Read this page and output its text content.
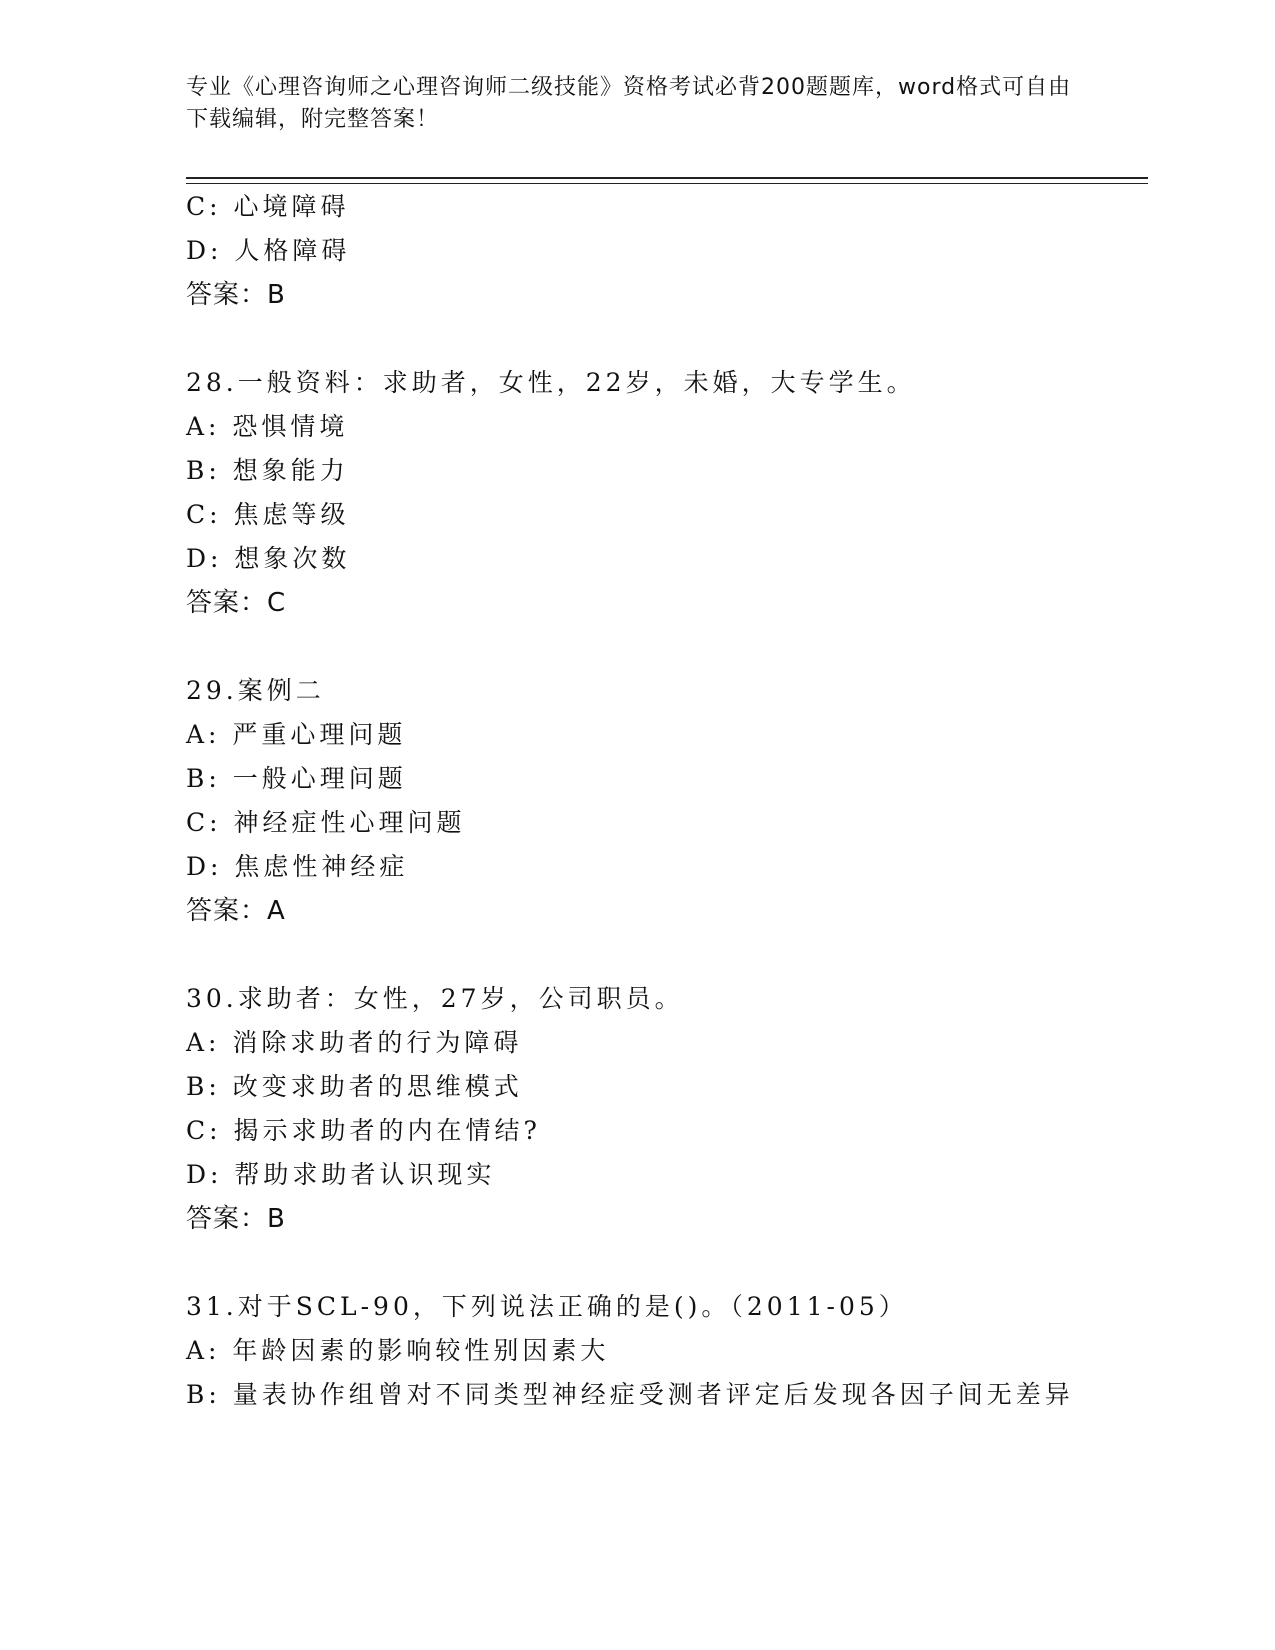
专业《心理咨询师之心理咨询师二级技能》资格考试必背200题题库，word格式可自由下载编辑，附完整答案！
C: 心境障碍
D: 人格障碍
答案：B
28.一般资料：求助者，女性，22岁，未婚，大专学生。
A: 恐惧情境
B: 想象能力
C: 焦虑等级
D: 想象次数
答案：C
29.案例二
A: 严重心理问题
B: 一般心理问题
C: 神经症性心理问题
D: 焦虑性神经症
答案：A
30.求助者：女性，27岁，公司职员。
A: 消除求助者的行为障碍
B: 改变求助者的思维模式
C: 揭示求助者的内在情结?
D: 帮助求助者认识现实
答案：B
31.对于SCL-90，下列说法正确的是()。（2011-05）
A: 年龄因素的影响较性别因素大
B: 量表协作组曾对不同类型神经症受测者评定后发现各因子间无差异
